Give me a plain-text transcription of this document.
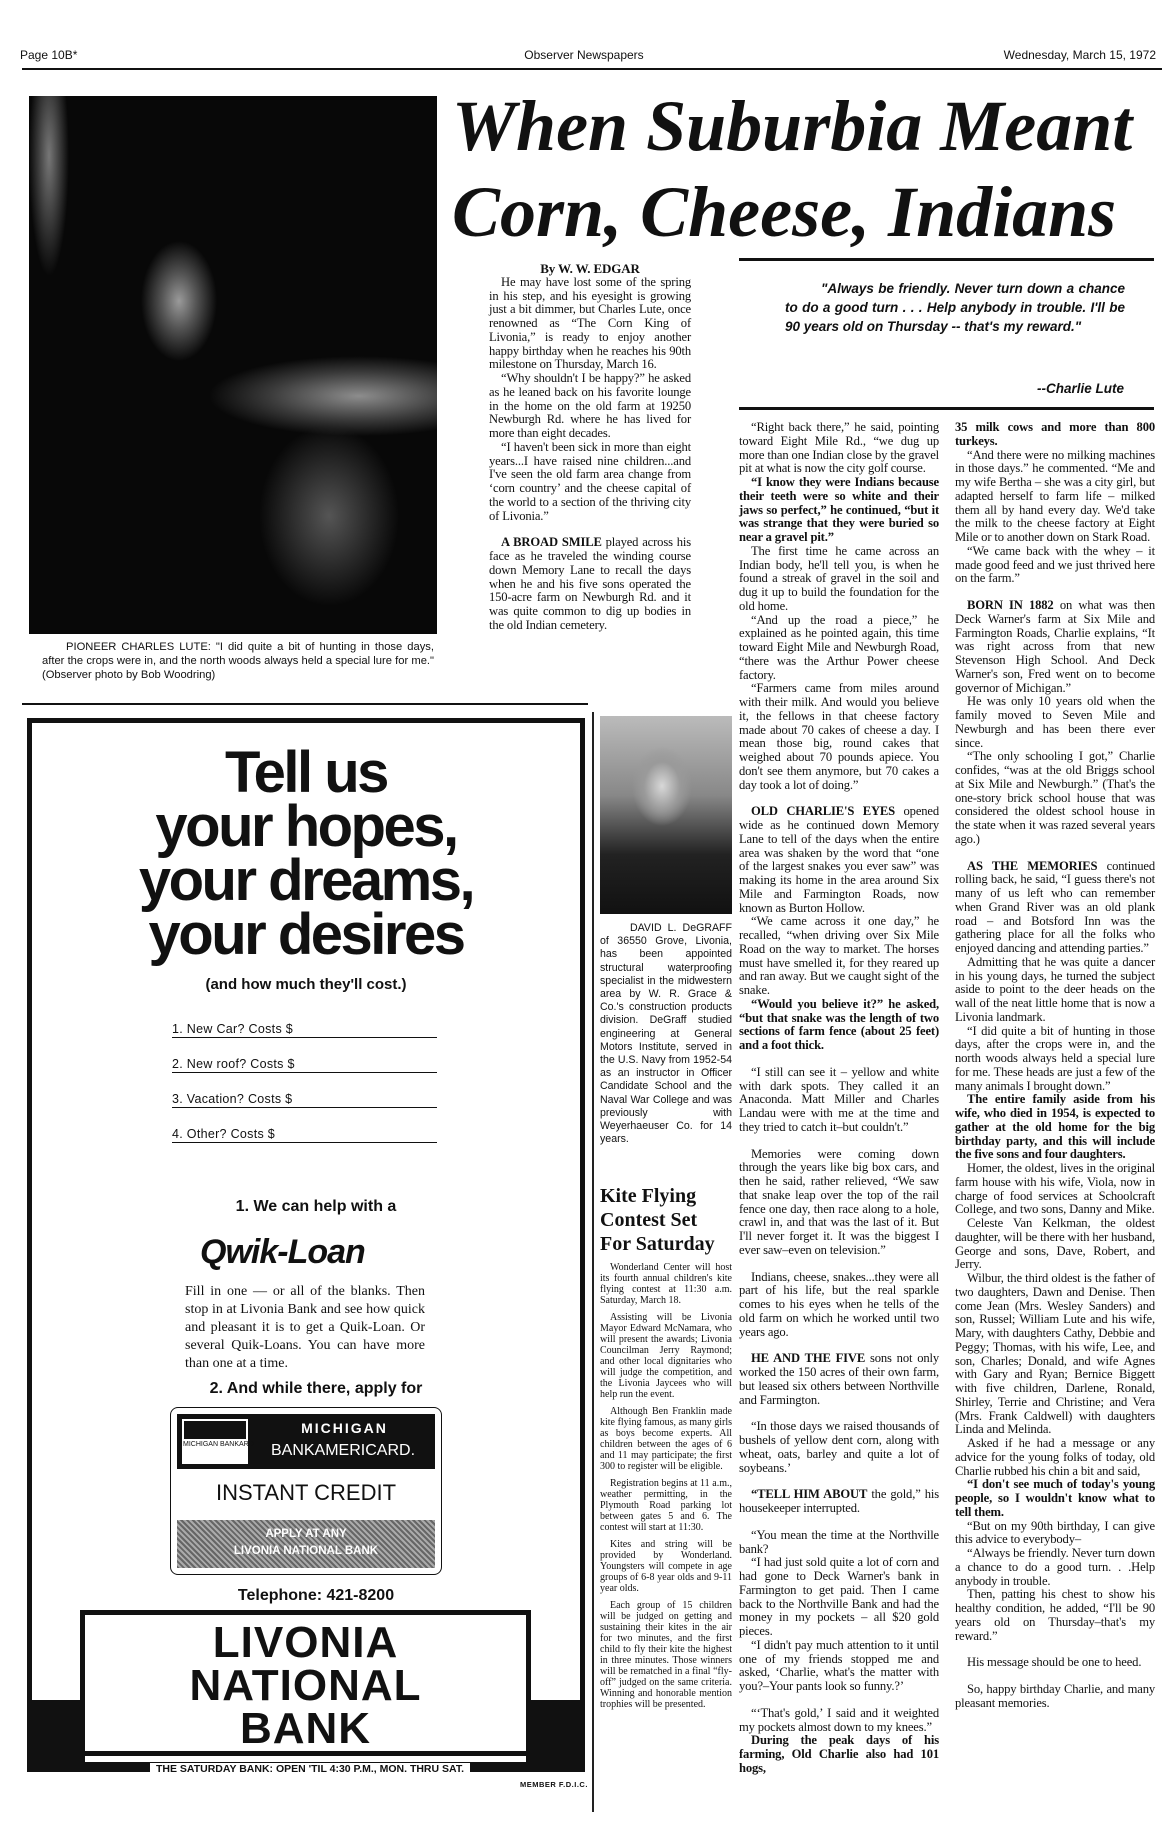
Page 10B*	Observer Newspapers	Wednesday, March 15, 1972
PIONEER CHARLES LUTE: "I did quite a bit of hunting in those days, after the crops were in, and the north woods always held a special lure for me." (Observer photo by Bob Woodring)
When Suburbia Meant
Corn, Cheese, Indians
By W. W. EDGAR

He may have lost some of the spring in his step, and his eyesight is growing just a bit dimmer, but Charles Lute, once renowned as “The Corn King of Livonia,” is ready to enjoy another happy birthday when he reaches his 90th milestone on Thursday, March 16.

“Why shouldn't I be happy?” he asked as he leaned back on his favorite lounge in the home on the old farm at 19250 Newburgh Rd. where he has lived for more than eight decades.

“I haven't been sick in more than eight years...I have raised nine children...and I've seen the old farm area change from ‘corn country’ and the cheese capital of the world to a section of the thriving city of Livonia.”

A BROAD SMILE played across his face as he traveled the winding course down Memory Lane to recall the days when he and his five sons operated the 150-acre farm on Newburgh Rd. and it was quite common to dig up bodies in the old Indian cemetery.

"Always be friendly. Never turn down a chance to do a good turn . . . Help anybody in trouble. I'll be 90 years old on Thursday -- that's my reward."
--Charlie Lute

“Right back there,” he said, pointing toward Eight Mile Rd., “we dug up more than one Indian close by the gravel pit at what is now the city golf course.

“I know they were Indians because their teeth were so white and their jaws so perfect,” he continued, “but it was strange that they were buried so near a gravel pit.”

The first time he came across an Indian body, he'll tell you, is when he found a streak of gravel in the soil and dug it up to build the foundation for the old home.

“And up the road a piece,” he explained as he pointed again, this time toward Eight Mile and Newburgh Road, “there was the Arthur Power cheese factory.

“Farmers came from miles around with their milk. And would you believe it, the fellows in that cheese factory made about 70 cakes of cheese a day. I mean those big, round cakes that weighed about 70 pounds apiece. You don't see them anymore, but 70 cakes a day took a lot of doing.”

OLD CHARLIE'S EYES opened wide as he continued down Memory Lane to tell of the days when the entire area was shaken by the word that “one of the largest snakes you ever saw” was making its home in the area around Six Mile and Farmington Roads, now known as Burton Hollow.

“We came across it one day,” he recalled, “when driving over Six Mile Road on the way to market. The horses must have smelled it, for they reared up and ran away. But we caught sight of the snake.

“Would you believe it?” he asked, “but that snake was the length of two sections of farm fence (about 25 feet) and a foot thick.

“I still can see it – yellow and white with dark spots. They called it an Anaconda. Matt Miller and Charles Landau were with me at the time and they tried to catch it–but couldn't.”

Memories were coming down through the years like big box cars, and then he said, rather relieved, “We saw that snake leap over the top of the rail fence one day, then race along to a hole, crawl in, and that was the last of it. But I'll never forget it. It was the biggest I ever saw–even on television.”

Indians, cheese, snakes...they were all part of his life, but the real sparkle comes to his eyes when he tells of the old farm on which he worked until two years ago.

HE AND THE FIVE sons not only worked the 150 acres of their own farm, but leased six others between Northville and Farmington.

“In those days we raised thousands of bushels of yellow dent corn, along with wheat, oats, barley and quite a lot of soybeans.’

“TELL HIM ABOUT the gold,” his housekeeper interrupted.

“You mean the time at the Northville bank?

“I had just sold quite a lot of corn and had gone to Deck Warner's bank in Farmington to get paid. Then I came back to the Northville Bank and had the money in my pockets – all $20 gold pieces.

“I didn't pay much attention to it until one of my friends stopped me and asked, ‘Charlie, what's the matter with you?–Your pants look so funny.?’

“‘That's gold,’ I said and it weighted my pockets almost down to my knees.”

During the peak days of his farming, Old Charlie also had 101 hogs,

35 milk cows and more than 800 turkeys.

“And there were no milking machines in those days.” he commented. “Me and my wife Bertha – she was a city girl, but adapted herself to farm life – milked them all by hand every day. We'd take the milk to the cheese factory at Eight Mile or to another down on Stark Road.

“We came back with the whey – it made good feed and we just thrived here on the farm.”

BORN IN 1882 on what was then Deck Warner's farm at Six Mile and Farmington Roads, Charlie explains, “It was right across from that new Stevenson High School. And Deck Warner's son, Fred went on to become governor of Michigan.”

He was only 10 years old when the family moved to Seven Mile and Newburgh and has been there ever since.

“The only schooling I got,” Charlie confides, “was at the old Briggs school at Six Mile and Newburgh.” (That's the one-story brick school house that was considered the oldest school house in the state when it was razed several years ago.)

AS THE MEMORIES continued rolling back, he said, “I guess there's not many of us left who can remember when Grand River was an old plank road – and Botsford Inn was the gathering place for all the folks who enjoyed dancing and attending parties.”

Admitting that he was quite a dancer in his young days, he turned the subject aside to point to the deer heads on the wall of the neat little home that is now a Livonia landmark.

“I did quite a bit of hunting in those days, after the crops were in, and the north woods always held a special lure for me. These heads are just a few of the many animals I brought down.”

The entire family aside from his wife, who died in 1954, is expected to gather at the old home for the big birthday party, and this will include the five sons and four daughters.

Homer, the oldest, lives in the original farm house with his wife, Viola, now in charge of food services at Schoolcraft College, and two sons, Danny and Mike.

Celeste Van Kelkman, the oldest daughter, will be there with her husband, George and sons, Dave, Robert, and Jerry.

Wilbur, the third oldest is the father of two daughters, Dawn and Denise. Then come Jean (Mrs. Wesley Sanders) and son, Russel; William Lute and his wife, Mary, with daughters Cathy, Debbie and Peggy; Thomas, with his wife, Lee, and son, Charles; Donald, and wife Agnes with Gary and Ryan; Bernice Biggett with five children, Darlene, Ronald, Shirley, Terrie and Christine; and Vera (Mrs. Frank Caldwell) with daughters Linda and Melinda.

Asked if he had a message or any advice for the young folks of today, old Charlie rubbed his chin a bit and said,

“I don't see much of today's young people, so I wouldn't know what to tell them.

“But on my 90th birthday, I can give this advice to everybody–

“Always be friendly. Never turn down a chance to do a good turn. . .Help anybody in trouble.

Then, patting his chest to show his healthy condition, he added, “I'll be 90 years old on Thursday–that's my reward.”

His message should be one to heed.

So, happy birthday Charlie, and many pleasant memories.

DAVID L. DeGRAFF of 36550 Grove, Livonia, has been appointed structural waterproofing specialist in the midwestern area by W. R. Grace & Co.'s construction products division. DeGraff studied engineering at General Motors Institute, served in the U.S. Navy from 1952-54 as an instructor in Officer Candidate School and the Naval War College and was previously with Weyerhaeuser Co. for 14 years.
Kite Flying Contest Set For Saturday

Wonderland Center will host its fourth annual children's kite flying contest at 11:30 a.m. Saturday, March 18.

Assisting will be Livonia Mayor Edward McNamara, who will present the awards; Livonia Councilman Jerry Raymond; and other local dignitaries who will judge the competition, and the Livonia Jaycees who will help run the event.

Although Ben Franklin made kite flying famous, as many girls as boys become experts. All children between the ages of 6 and 11 may participate; the first 300 to register will be eligible.

Registration begins at 11 a.m., weather permitting, in the Plymouth Road parking lot between gates 5 and 6. The contest will start at 11:30.

Kites and string will be provided by Wonderland. Youngsters will compete in age groups of 6-8 year olds and 9-11 year olds.

Each group of 15 children will be judged on getting and sustaining their kites in the air for two minutes, and the first child to fly their kite the highest in three minutes. Those winners will be rematched in a final “fly-off” judged on the same criteria. Winning and honorable mention trophies will be presented.

Tell us
your hopes,
your dreams,
your desires
(and how much they'll cost.)
1. New Car? Costs $
2. New roof? Costs $
3. Vacation? Costs $
4. Other? Costs $
1. We can help with a
Qwik-Loan
Fill in one — or all of the blanks. Then stop in at Livonia Bank and see how quick and pleasant it is to get a Quik-Loan. Or several Quik-Loans. You can have more than one at a time.
2. And while there, apply for
MICHIGAN BANKARD
MICHIGAN
BANKAMERICARD.
INSTANT CREDIT
APPLY AT ANY
LIVONIA NATIONAL BANK
Telephone: 421-8200
LIVONIA
NATIONAL
BANK
THE SATURDAY BANK: OPEN 'TIL 4:30 P.M., MON. THRU SAT.
MEMBER F.D.I.C.
